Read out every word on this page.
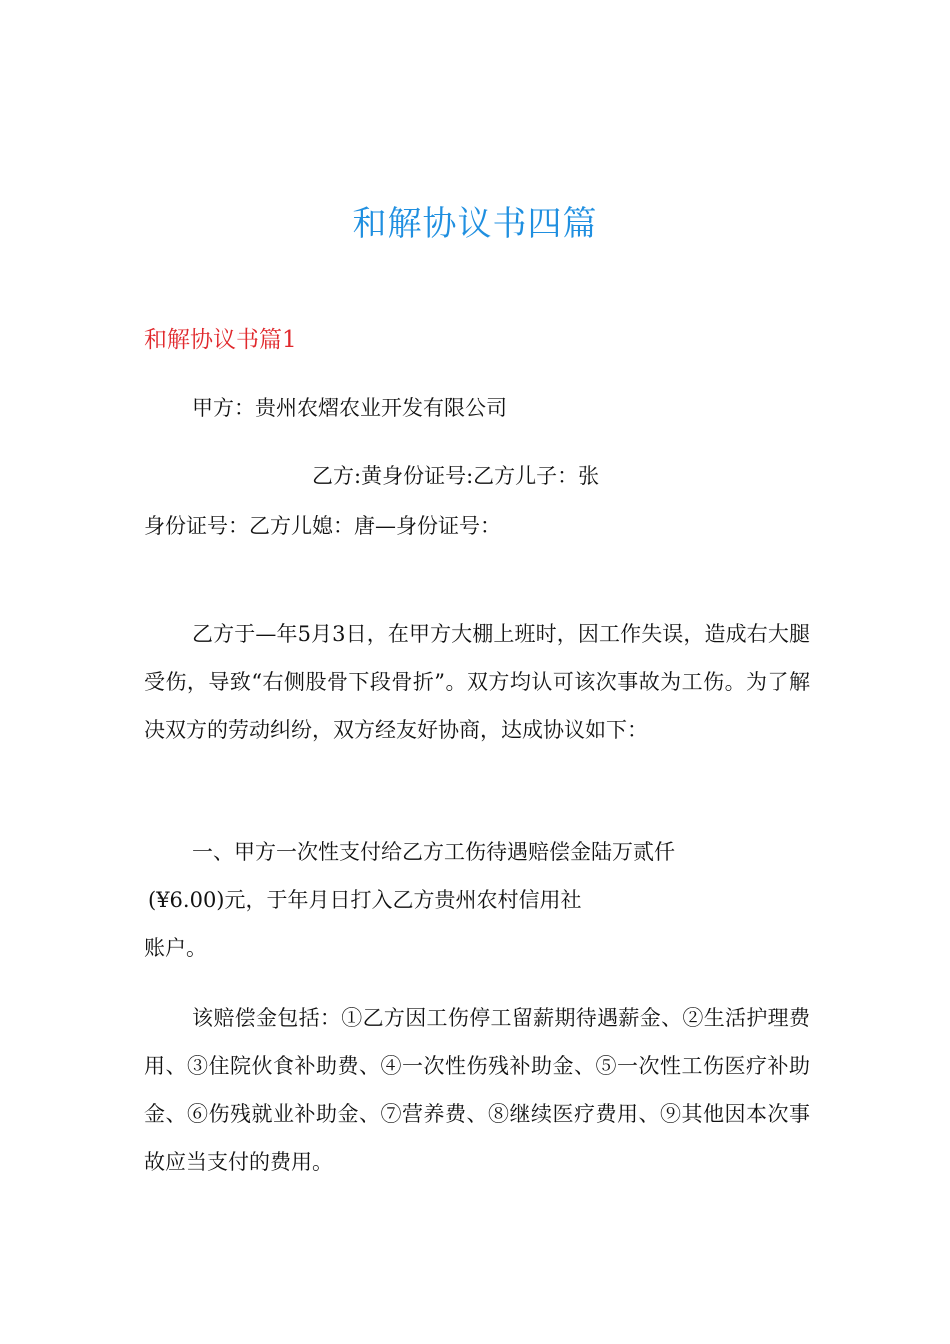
和解协议书四篇
和解协议书篇1
甲方：贵州农熠农业开发有限公司
乙方:黄身份证号:乙方儿子：张
身份证号：乙方儿媳：唐—身份证号：
乙方于—年5月3日，在甲方大棚上班时，因工作失误，造成右大腿受伤，导致“右侧股骨下段骨折”。双方均认可该次事故为工伤。为了解决双方的劳动纠纷，双方经友好协商，达成协议如下：
一、甲方一次性支付给乙方工伤待遇赔偿金陆万贰仟
(¥6.00)元，于年月日打入乙方贵州农村信用社
账户。
该赔偿金包括：①乙方因工伤停工留薪期待遇薪金、②生活护理费用、③住院伙食补助费、④一次性伤残补助金、⑤一次性工伤医疗补助金、⑥伤残就业补助金、⑦营养费、⑧继续医疗费用、⑨其他因本次事故应当支付的费用。
